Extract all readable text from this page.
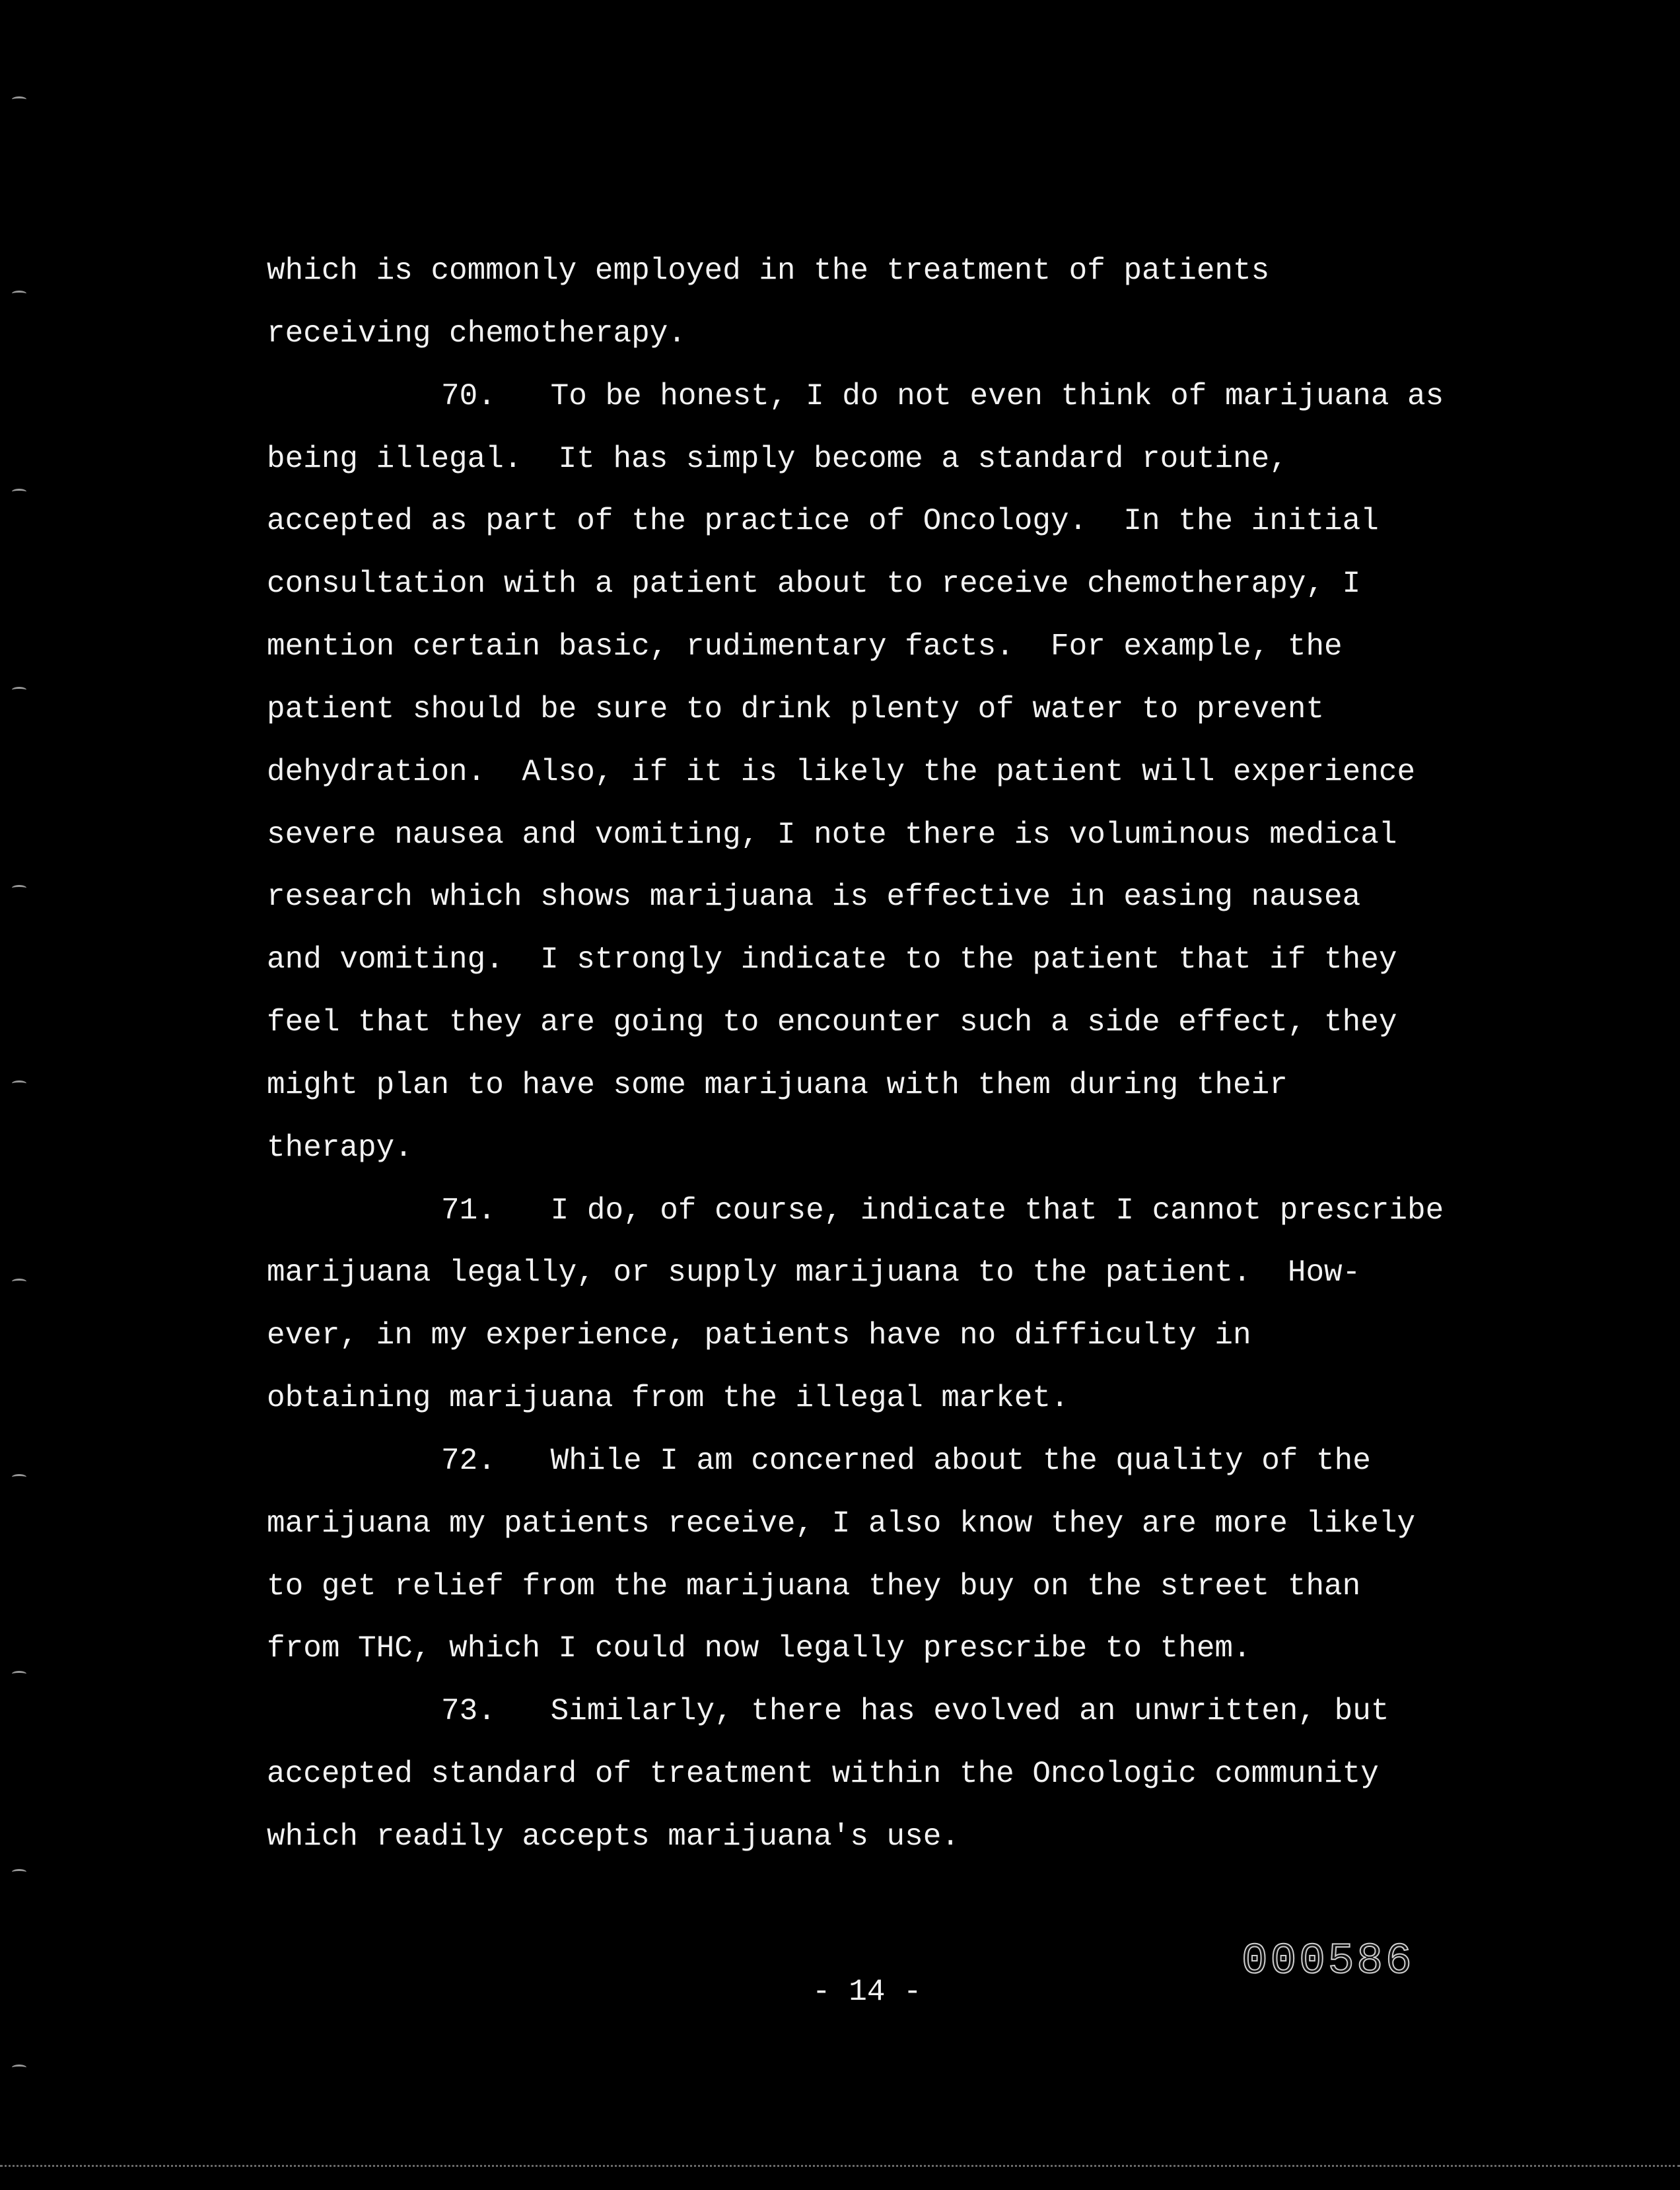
which is commonly employed in the treatment of patients
receiving chemotherapy.
70.   To be honest, I do not even think of marijuana as
being illegal.  It has simply become a standard routine,
accepted as part of the practice of Oncology.  In the initial
consultation with a patient about to receive chemotherapy, I
mention certain basic, rudimentary facts.  For example, the
patient should be sure to drink plenty of water to prevent
dehydration.  Also, if it is likely the patient will experience
severe nausea and vomiting, I note there is voluminous medical
research which shows marijuana is effective in easing nausea
and vomiting.  I strongly indicate to the patient that if they
feel that they are going to encounter such a side effect, they
might plan to have some marijuana with them during their
therapy.
71.   I do, of course, indicate that I cannot prescribe
marijuana legally, or supply marijuana to the patient.  How-
ever, in my experience, patients have no difficulty in
obtaining marijuana from the illegal market.
72.   While I am concerned about the quality of the
marijuana my patients receive, I also know they are more likely
to get relief from the marijuana they buy on the street than
from THC, which I could now legally prescribe to them.
73.   Similarly, there has evolved an unwritten, but
accepted standard of treatment within the Oncologic community
which readily accepts marijuana's use.
- 14 -
000586
